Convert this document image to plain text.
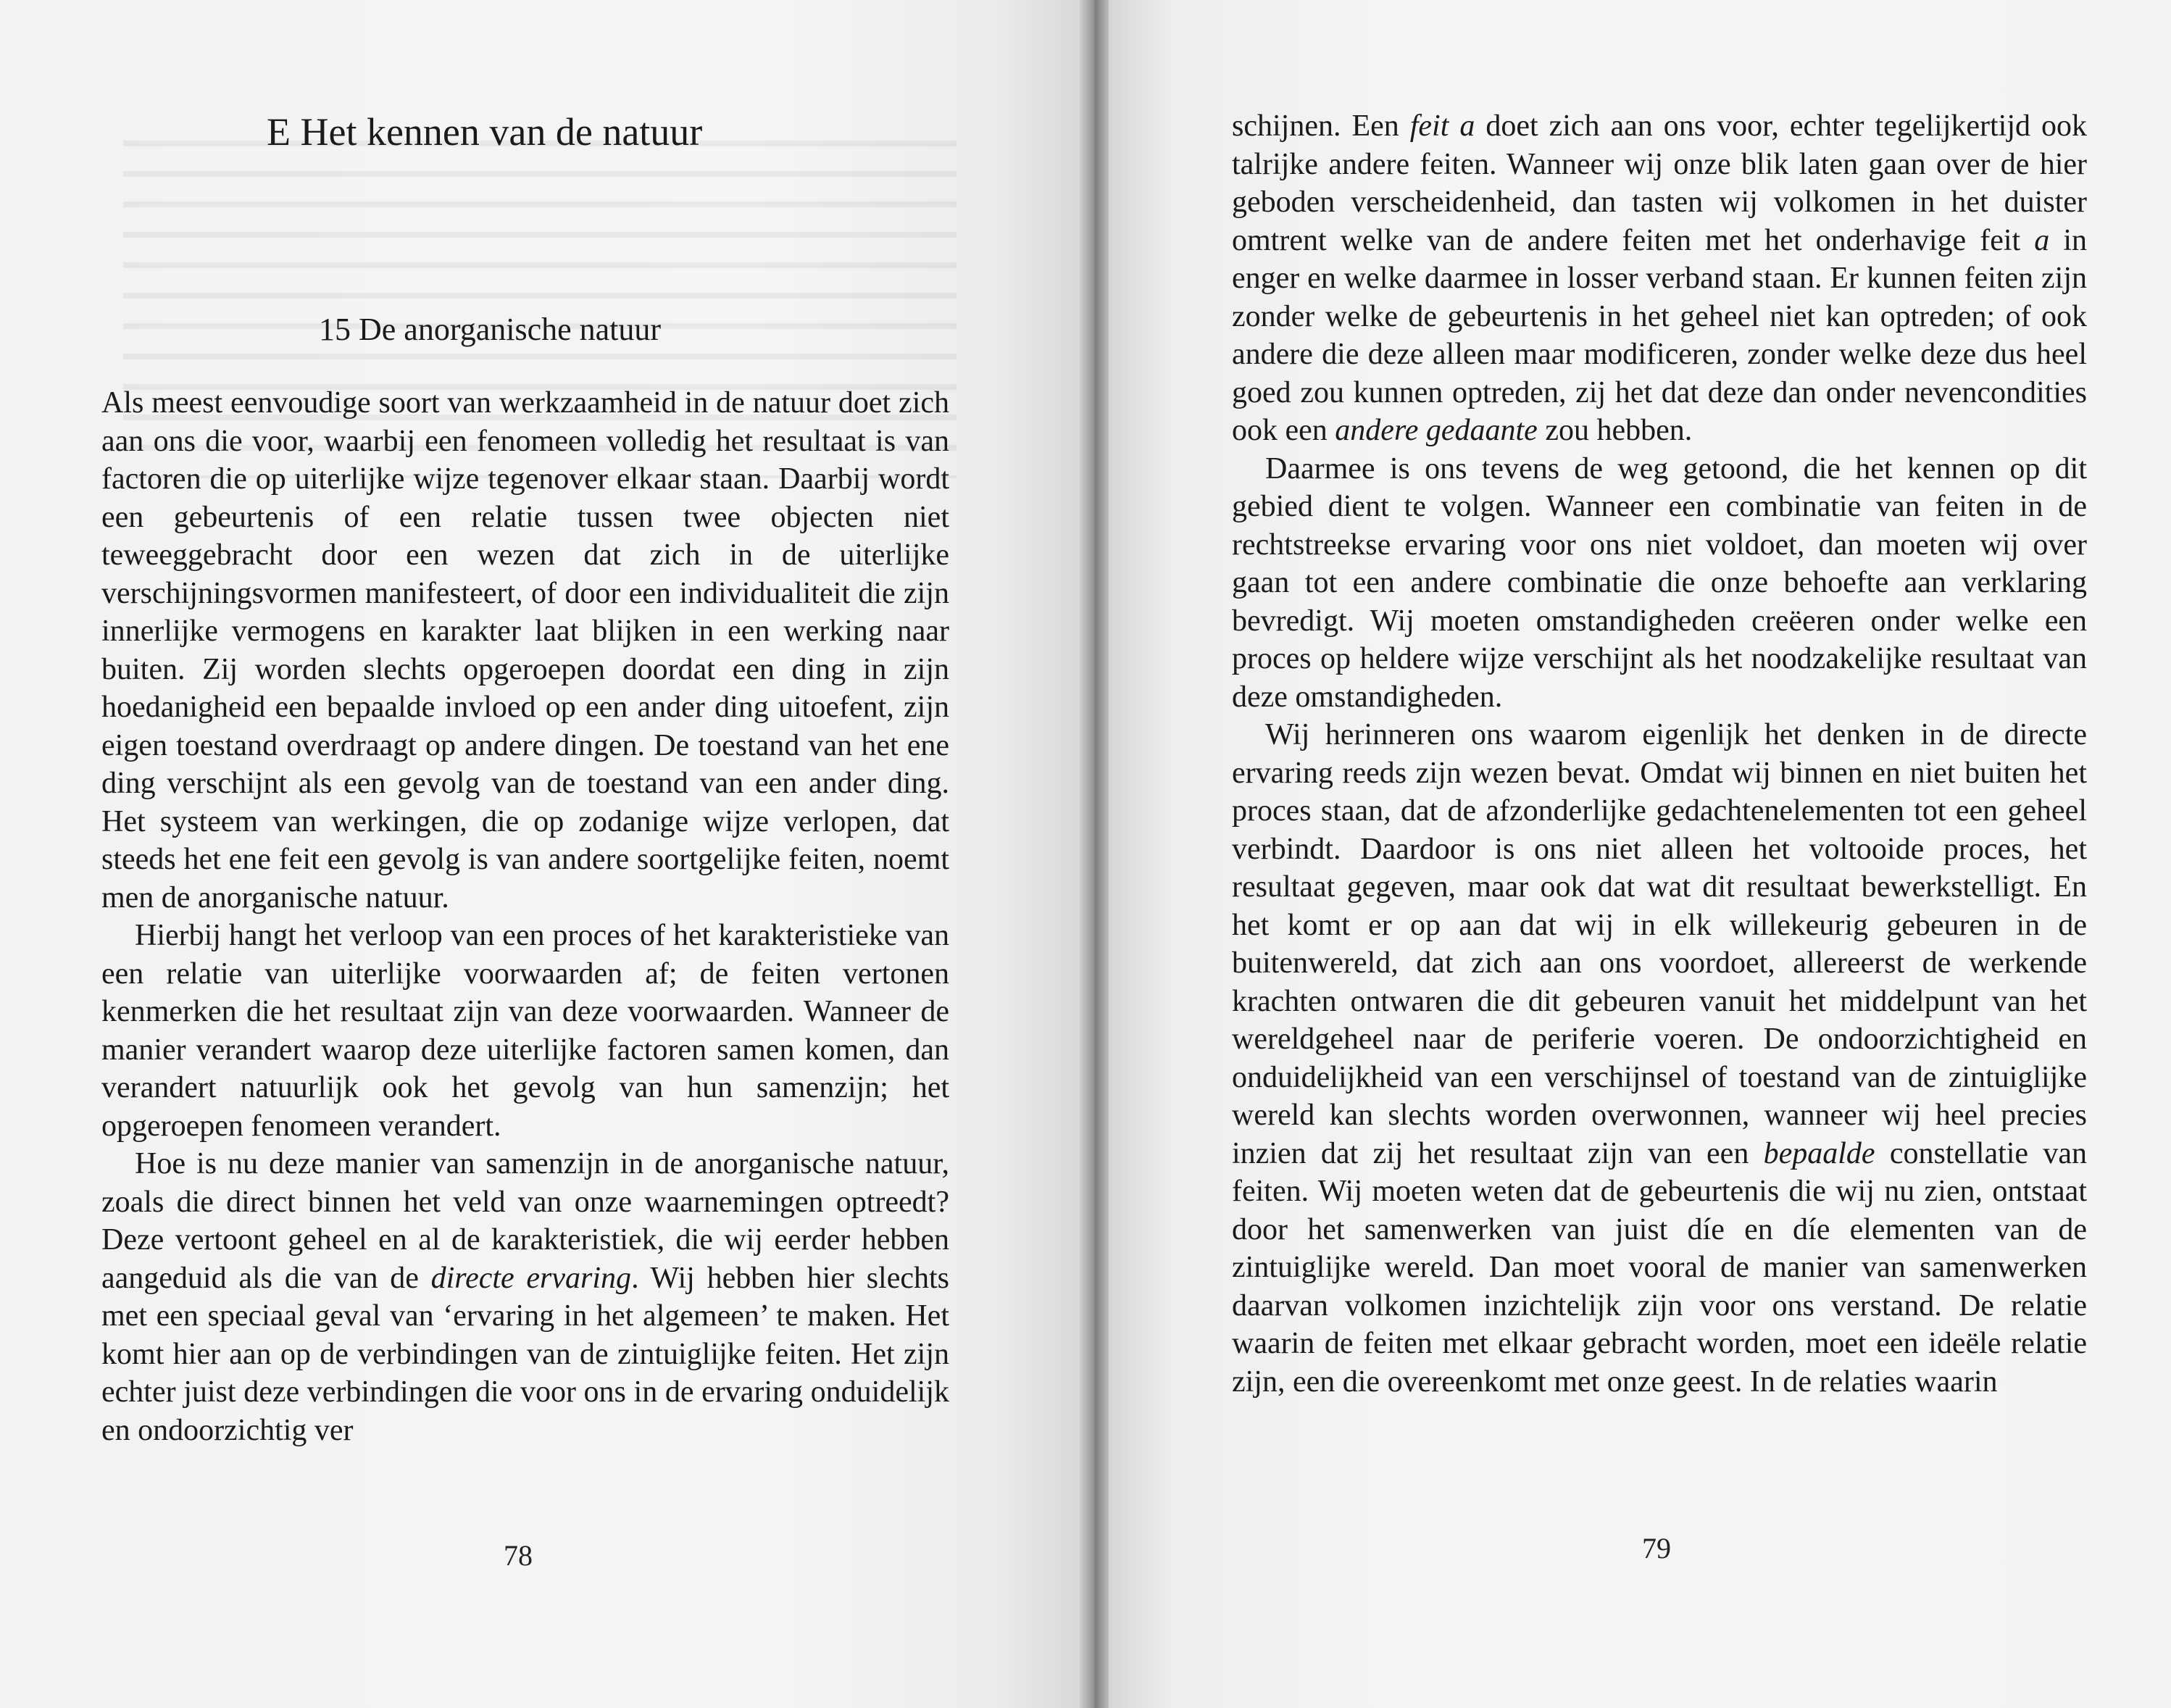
E Het kennen van de natuur
15 De anorganische natuur

Als meest eenvoudige soort van werkzaamheid in de natuur doet zich aan ons die voor, waarbij een fenomeen volledig het resultaat is van factoren die op uiterlijke wijze tegenover elkaar staan. Daarbij wordt een gebeurtenis of een relatie tussen twee objecten niet teweeggebracht door een wezen dat zich in de uiterlijke verschijningsvormen manifesteert, of door een individualiteit die zijn innerlijke vermogens en karakter laat blijken in een werking naar buiten. Zij worden slechts opgeroepen doordat een ding in zijn hoedanigheid een bepaalde invloed op een ander ding uitoefent, zijn eigen toestand overdraagt op andere dingen. De toestand van het ene ding verschijnt als een gevolg van de toestand van een ander ding. Het systeem van werkingen, die op zodanige wijze verlopen, dat steeds het ene feit een gevolg is van andere soortgelijke feiten, noemt men de anorganische natuur.

Hierbij hangt het verloop van een proces of het karakteristieke van een relatie van uiterlijke voorwaarden af; de feiten vertonen kenmerken die het resultaat zijn van deze voorwaarden. Wanneer de manier verandert waarop deze uiterlijke factoren samen komen, dan verandert natuurlijk ook het gevolg van hun samenzijn; het opgeroepen fenomeen verandert.

Hoe is nu deze manier van samenzijn in de anorganische natuur, zoals die direct binnen het veld van onze waarnemingen optreedt? Deze vertoont geheel en al de karakteristiek, die wij eerder hebben aangeduid als die van de directe ervaring. Wij hebben hier slechts met een speciaal geval van ‘ervaring in het algemeen’ te maken. Het komt hier aan op de verbindingen van de zintuiglijke feiten. Het zijn echter juist deze verbindingen die voor ons in de ervaring onduidelijk en ondoorzichtig ver

78

schijnen. Een feit a doet zich aan ons voor, echter tegelijkertijd ook talrijke andere feiten. Wanneer wij onze blik laten gaan over de hier geboden verscheidenheid, dan tasten wij volkomen in het duister omtrent welke van de andere feiten met het onderhavige feit a in enger en welke daarmee in losser verband staan. Er kunnen feiten zijn zonder welke de gebeurtenis in het geheel niet kan optreden; of ook andere die deze alleen maar modificeren, zonder welke deze dus heel goed zou kunnen optreden, zij het dat deze dan onder nevencondities ook een andere gedaante zou hebben.

Daarmee is ons tevens de weg getoond, die het kennen op dit gebied dient te volgen. Wanneer een combinatie van feiten in de rechtstreekse ervaring voor ons niet voldoet, dan moeten wij over gaan tot een andere combinatie die onze behoefte aan verklaring bevredigt. Wij moeten omstandigheden creëeren onder welke een proces op heldere wijze verschijnt als het noodzakelijke resultaat van deze omstandigheden.

Wij herinneren ons waarom eigenlijk het denken in de directe ervaring reeds zijn wezen bevat. Omdat wij binnen en niet buiten het proces staan, dat de afzonderlijke gedachtenelementen tot een geheel verbindt. Daardoor is ons niet alleen het voltooide proces, het resultaat gegeven, maar ook dat wat dit resultaat bewerkstelligt. En het komt er op aan dat wij in elk willekeurig gebeuren in de buitenwereld, dat zich aan ons voordoet, allereerst de werkende krachten ontwaren die dit gebeuren vanuit het middelpunt van het wereldgeheel naar de periferie voeren. De ondoorzichtigheid en onduidelijkheid van een verschijnsel of toestand van de zintuiglijke wereld kan slechts worden overwonnen, wanneer wij heel precies inzien dat zij het resultaat zijn van een bepaalde constellatie van feiten. Wij moeten weten dat de gebeurtenis die wij nu zien, ontstaat door het samenwerken van juist díe en díe elementen van de zintuiglijke wereld. Dan moet vooral de manier van samenwerken daarvan volkomen inzichtelijk zijn voor ons verstand. De relatie waarin de feiten met elkaar gebracht worden, moet een ideële relatie zijn, een die overeenkomt met onze geest. In de relaties waarin

79
